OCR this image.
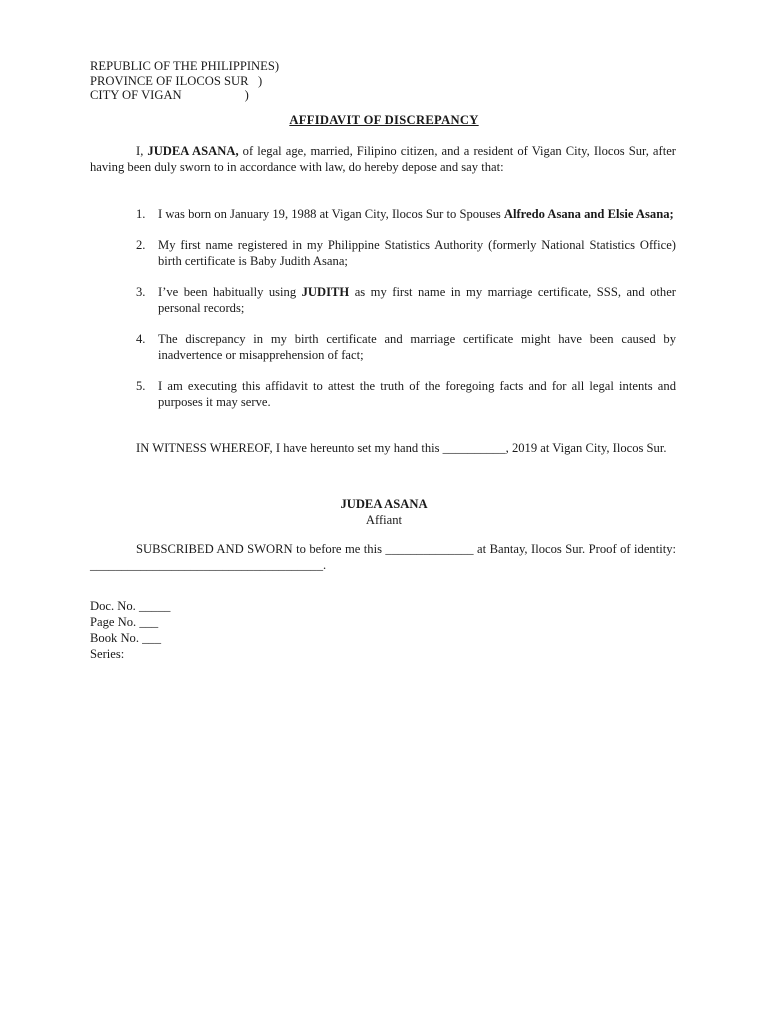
REPUBLIC OF THE PHILIPPINES)
PROVINCE OF ILOCOS SUR   )
CITY OF VIGAN                    )
AFFIDAVIT OF DISCREPANCY
I, JUDEA ASANA, of legal age, married, Filipino citizen, and a resident of Vigan City, Ilocos Sur, after having been duly sworn to in accordance with law, do hereby depose and say that:
1. I was born on January 19, 1988 at Vigan City, Ilocos Sur to Spouses Alfredo Asana and Elsie Asana;
2. My first name registered in my Philippine Statistics Authority (formerly National Statistics Office) birth certificate is Baby Judith Asana;
3. I’ve been habitually using JUDITH as my first name in my marriage certificate, SSS, and other personal records;
4. The discrepancy in my birth certificate and marriage certificate might have been caused by inadvertence or misapprehension of fact;
5. I am executing this affidavit to attest the truth of the foregoing facts and for all legal intents and purposes it may serve.
IN WITNESS WHEREOF, I have hereunto set my hand this __________, 2019 at Vigan City, Ilocos Sur.
JUDEA ASANA
Affiant
SUBSCRIBED AND SWORN to before me this ______________ at Bantay, Ilocos Sur. Proof of identity: _____________________________________.
Doc. No. _____
Page No. ___
Book No. ___
Series:
